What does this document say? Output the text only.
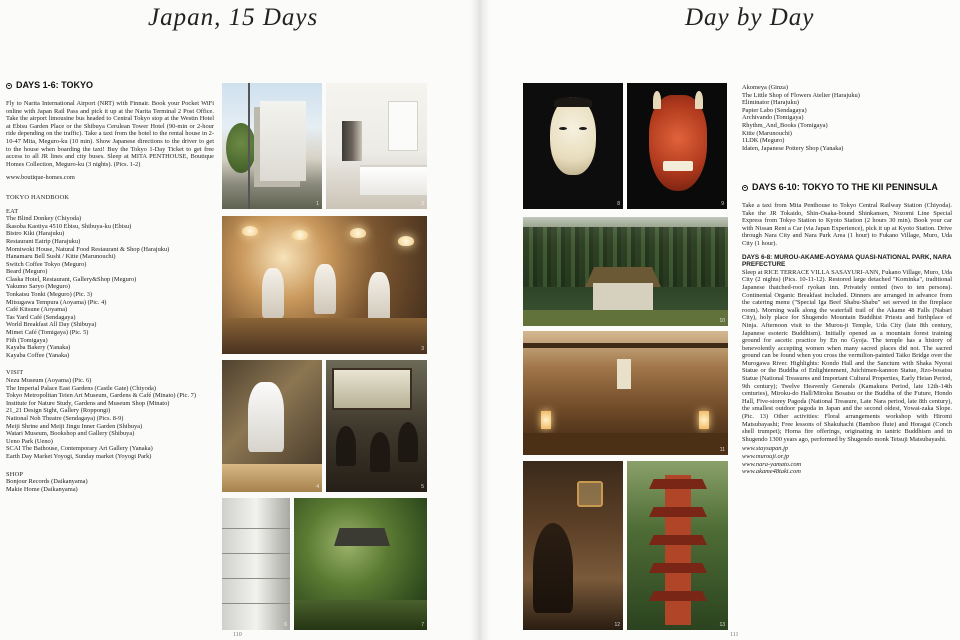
Japan, 15 Days
DAYS 1-6: TOKYO

Fly to Narita International Airport (NRT) with Finnair. Book your Pocket WiFi online with Japan Rail Pass and pick it up at the Narita Terminal 2 Post Office. Take the airport limousine bus headed to Central Tokyo stop at the Westin Hotel at Ebisu Garden Place or the Shibuya Cerulean Tower Hotel (90-min or 2-hour ride depending on the traffic). Take a taxi from the hotel to the rental house in 2-10-47 Mita, Meguro-ku (10 min). Show Japanese directions to the driver to get to the house when boarding the taxi! Buy the Tokyo 1-Day Ticket to get free access to all JR lines and city buses. Sleep at MITA PENTHOUSE, Boutique Homes Collection, Meguro-ku (3 nights). (Pics. 1-2)

www.boutique-homes.com
TOKYO HANDBOOK
EAT
The Blind Donkey (Chiyoda)
Ikasoba Kaotiya 4510 Ebisu, Shibuya-ku (Ebisu)
Bistro Kiki (Harajuku)
Restaurant Eatrip (Harajuku)
Momiwoki House, Natural Food Restaurant & Shop (Harajuku)
Hanamaru Bell Sushi / Kitte (Marunouchi)
Switch Coffee Tokyo (Meguro)
Beard (Meguro)
Claska Hotel, Restaurant, Gallery&Shop (Meguro)
Yakumo Saryo (Meguro)
Tonkatsu Tonki (Meguro) (Pic. 3)
Mitsugawa Tempura (Aoyama) (Pic. 4)
Café Kitsune (Aoyama)
Tas Yard Café (Sendagaya)
World Breakfast All Day (Shibuya)
Mimet Café (Tomigaya) (Pic. 5)
Fith (Tomigaya)
Kayaba Bakery (Yanaka)
Kayaba Coffee (Yanaka)
VISIT
Nezu Museum (Aoyama) (Pic. 6)
The Imperial Palace East Gardens (Castle Gate) (Chiyoda)
Tokyo Metropolitan Teien Art Museum, Gardens & Café (Minato) (Pic. 7)
Institute for Nature Study, Gardens and Museum Shop (Minato)
21_21 Design Sight, Gallery (Roppongi)
National Noh Theatre (Sendagaya) (Pics. 8-9)
Meiji Shrine and Meiji Jingu Inner Garden (Shibuya)
Watari Museum, Bookshop and Gallery (Shibuya)
Ueno Park (Ueno)
SCAI The Bathouse, Contemporary Art Gallery (Yanaka)
Earth Day Market Yoyogi, Sunday market (Yoyogi Park)
SHOP
Bonjour Records (Daikanyama)
Makie Home (Daikanyama)
1	2
3
4	5
6	7
110
Day by Day
Akomeya (Ginza)
The Little Shop of Flowers Atelier (Harajuku)
Eliminator (Harajuku)
Papier Labo (Sendagaya)
Archivando (Tomigaya)
Rhythm_And_Books (Tomigaya)
Kitte (Marunouchi)
1LDK (Meguro)
Idaten, Japanese Pottery Shop (Yanaka)
DAYS 6-10: TOKYO TO THE KII PENINSULA

Take a taxi from Mita Penthouse to Tokyo Central Railway Station (Chiyoda). Take the JR Tokaido, Shin-Osaka-bound Shinkansen, Nozomi Line Special Express from Tokyo Station to Kyoto Station (2 hours 30 min). Book your car with Nissan Rent a Car (via Japan Experience), pick it up at Kyoto Station. Drive through Nara City and Nara Park Area (1 hour) to Fukano Village, Muro, Uda City (1 hour).

DAYS 6-8: MUROU-AKAME-AOYAMA QUASI-NATIONAL PARK, NARA PREFECTURE

Sleep at RICE TERRACE VILLA SASAYURI-ANN, Fukano Village, Muro, Uda City (2 nights) (Pics. 10-11-12). Restored large detached "Kominka", traditional Japanese thatched-roof ryokan inn. Privately rented (two to ten persons). Continental Organic Breakfast included. Dinners are arranged in advance from the catering menu ("Special Iga Beef Shabu-Shabu" set served in the fireplace room). Morning walk along the waterfall trail of the Akame 48 Falls (Nabari City), holy place for Shugendo Mountain Buddhist Priests and birthplace of Ninja. Afternoon visit to the Murou-ji Temple, Uda City (late 8th century, Japanese esoteric Buddhism). Initially opened as a mountain forest training ground for ascetic practice by En no Gyoja. The temple has a history of benevolently accepting women when many sacred places did not. The sacred ground can be found when you cross the vermilion-painted Taiko Bridge over the Murogawa River. Highlights: Kondo Hall and the Sanctum with Shaka Nyorai Statue or the Buddha of Enlightenment, Juichimen-kannon Statue, Jizo-bosatsu Statue (National Treasures and Important Cultural Properties, Early Heian Period, 9th century); Twelve Heavenly Generals (Kamakura Period, late 12th-14th centuries), Miroku-do Hall/Miroku Bosatsu or the Buddha of the Future, Hondo Hall, Five-storey Pagoda (National Treasure, Late Nara period, late 8th century), the smallest outdoor pagoda in Japan and the second oldest, Yowai-zaka Slope. (Pic. 13) Other activities: Floral arrangements workshop with Hiromi Matsubayashi; Free lessons of Shakuhachi (Bamboo flute) and Horagai (Conch shell trumpet); Horna fire offerings, originating in tantric Buddhism and in Shugendo 1300 years ago, performed by Shugendo monk Tetsuji Matsubayashi.

www.staysapan.jp
www.murouji.or.jp
www.nara-yamato.com
www.akame48taki.com
8	9
10
11
12	13
111
